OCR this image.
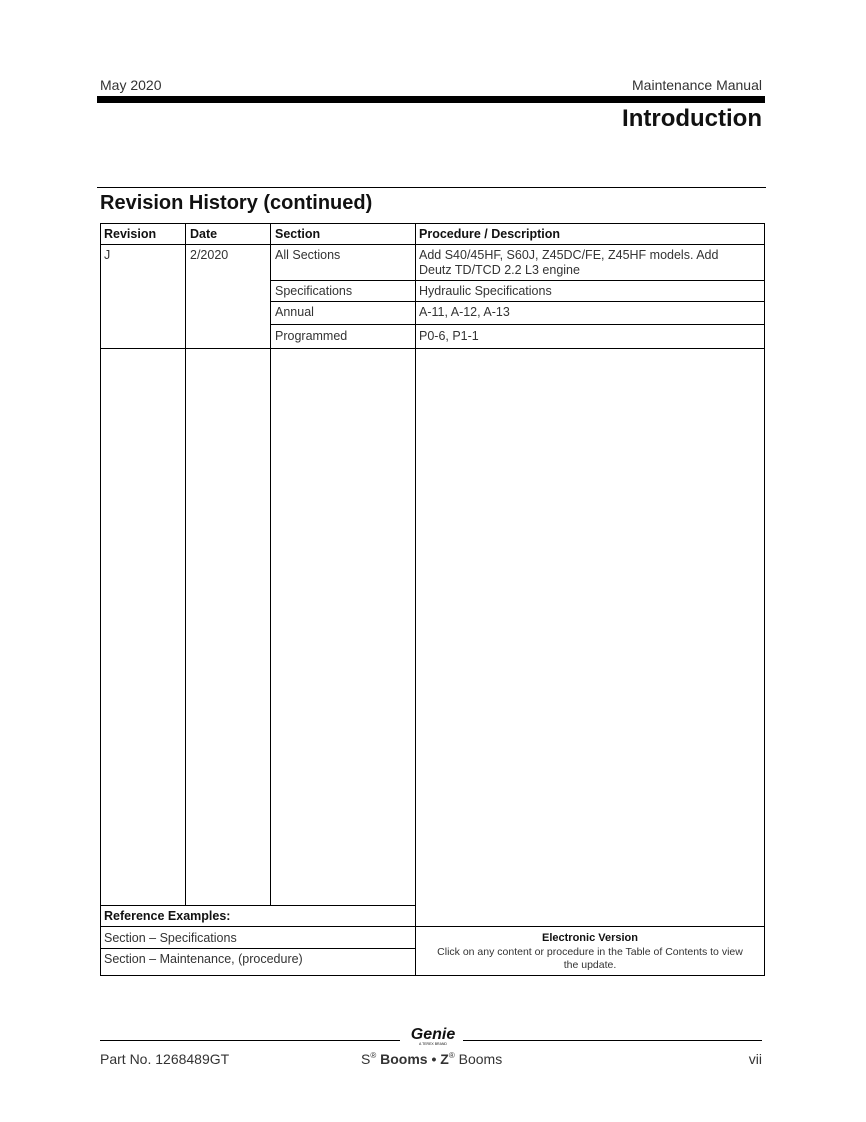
May 2020	Maintenance Manual
Introduction
Revision History (continued)
Revision	Date	Section	Procedure / Description
J	2/2020	All Sections	Add S40/45HF, S60J, Z45DC/FE, Z45HF models. Add
Deutz TD/TCD 2.2 L3 engine
Specifications	Hydraulic Specifications
Annual	A-11, A-12, A-13
Programmed	P0-6, P1-1
Reference Examples:
Section – Specifications
Section – Maintenance, (procedure)
Electronic Version
Click on any content or procedure in the Table of Contents to view
the update.
Genie
A TEREX BRAND
Part No. 1268489GT	S® Booms • Z® Booms	vii
